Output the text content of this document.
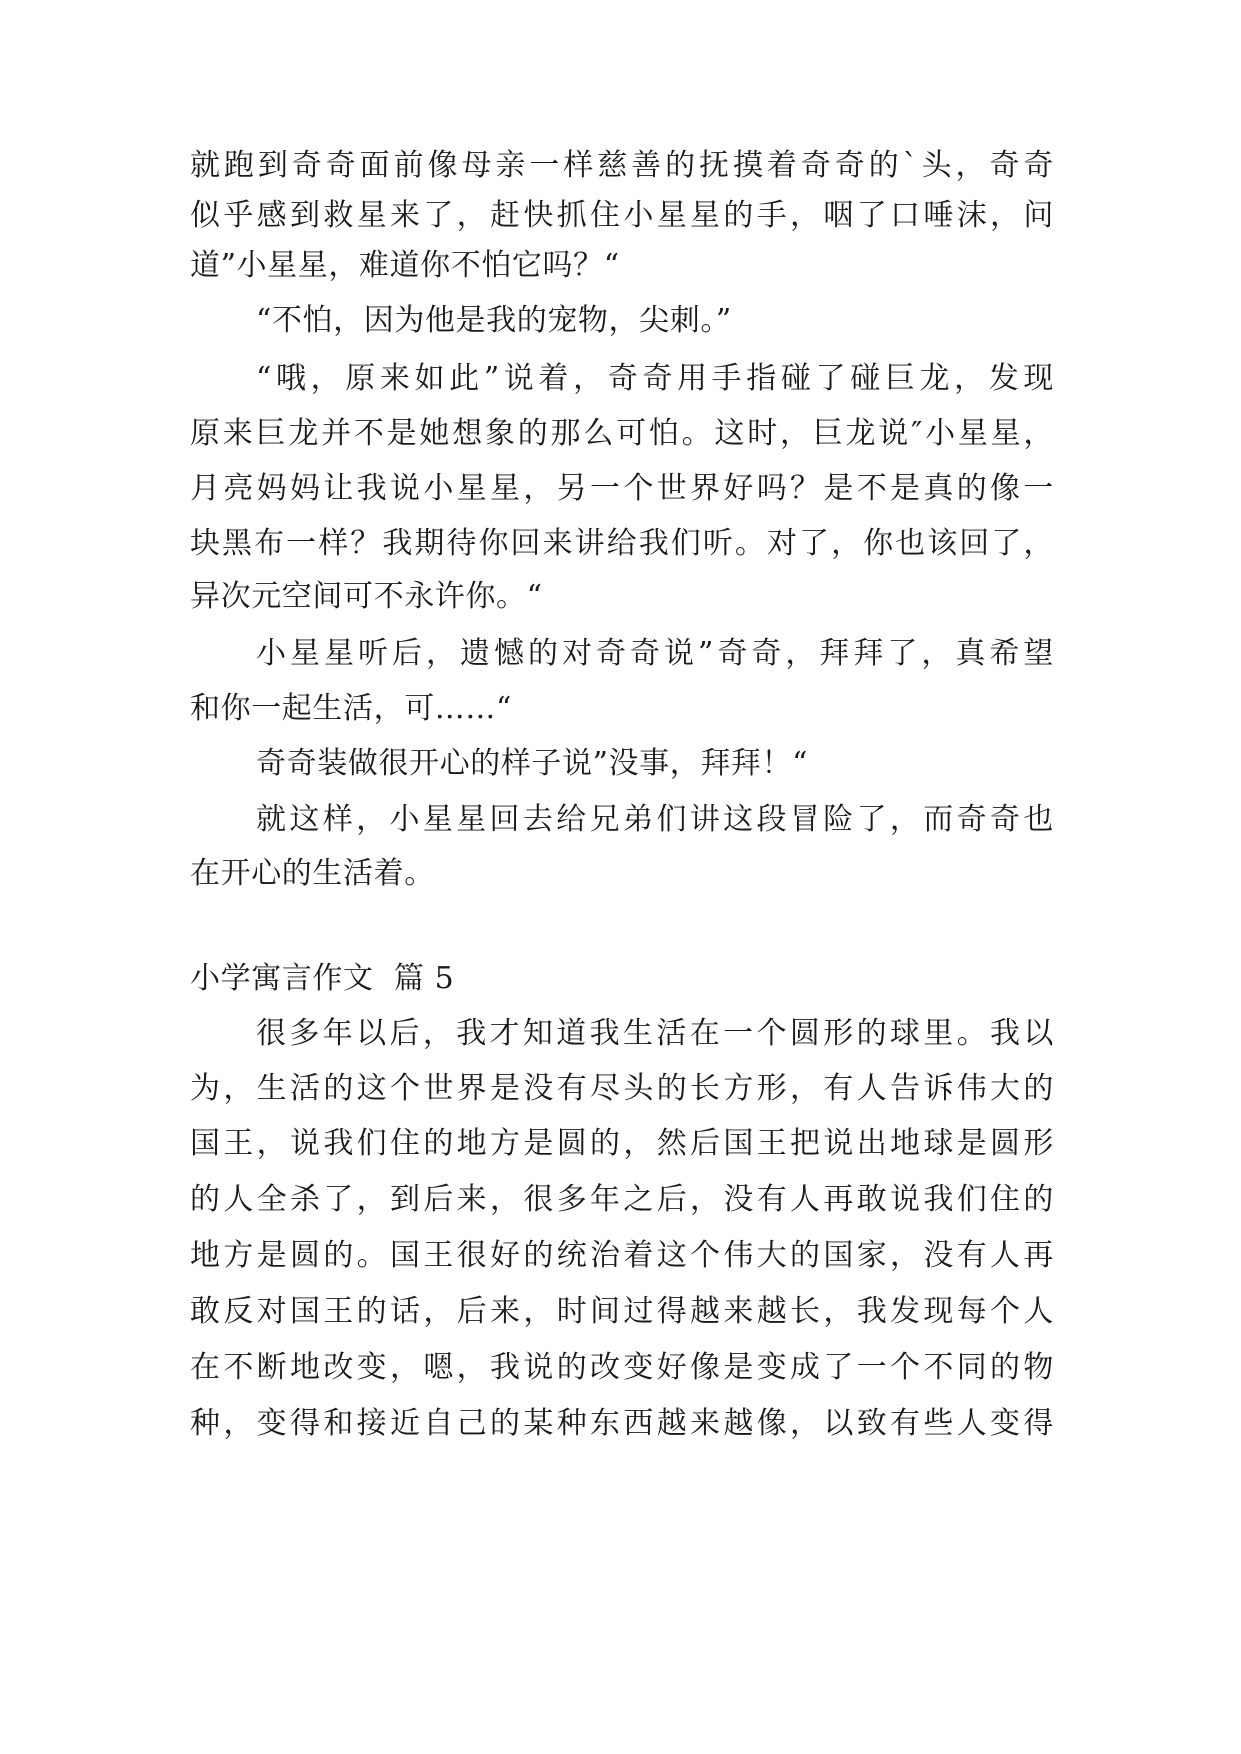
就跑到奇奇面前像母亲一样慈善的抚摸着奇奇的`头，奇奇
似乎感到救星来了，赶快抓住小星星的手，咽了口唾沫，问
道”小星星，难道你不怕它吗？“
“不怕，因为他是我的宠物，尖刺。”
“哦，原来如此”说着，奇奇用手指碰了碰巨龙，发现
原来巨龙并不是她想象的那么可怕。这时，巨龙说″小星星，
月亮妈妈让我说小星星，另一个世界好吗？是不是真的像一
块黑布一样？我期待你回来讲给我们听。对了，你也该回了，
异次元空间可不永许你。“
小星星听后，遗憾的对奇奇说”奇奇，拜拜了，真希望
和你一起生活，可……“
奇奇装做很开心的样子说”没事，拜拜！“
就这样，小星星回去给兄弟们讲这段冒险了，而奇奇也
在开心的生活着。
小学寓言作文  篇 5
很多年以后，我才知道我生活在一个圆形的球里。我以
为，生活的这个世界是没有尽头的长方形，有人告诉伟大的
国王，说我们住的地方是圆的，然后国王把说出地球是圆形
的人全杀了，到后来，很多年之后，没有人再敢说我们住的
地方是圆的。国王很好的统治着这个伟大的国家，没有人再
敢反对国王的话，后来，时间过得越来越长，我发现每个人
在不断地改变，嗯，我说的改变好像是变成了一个不同的物
种，变得和接近自己的某种东西越来越像，以致有些人变得
